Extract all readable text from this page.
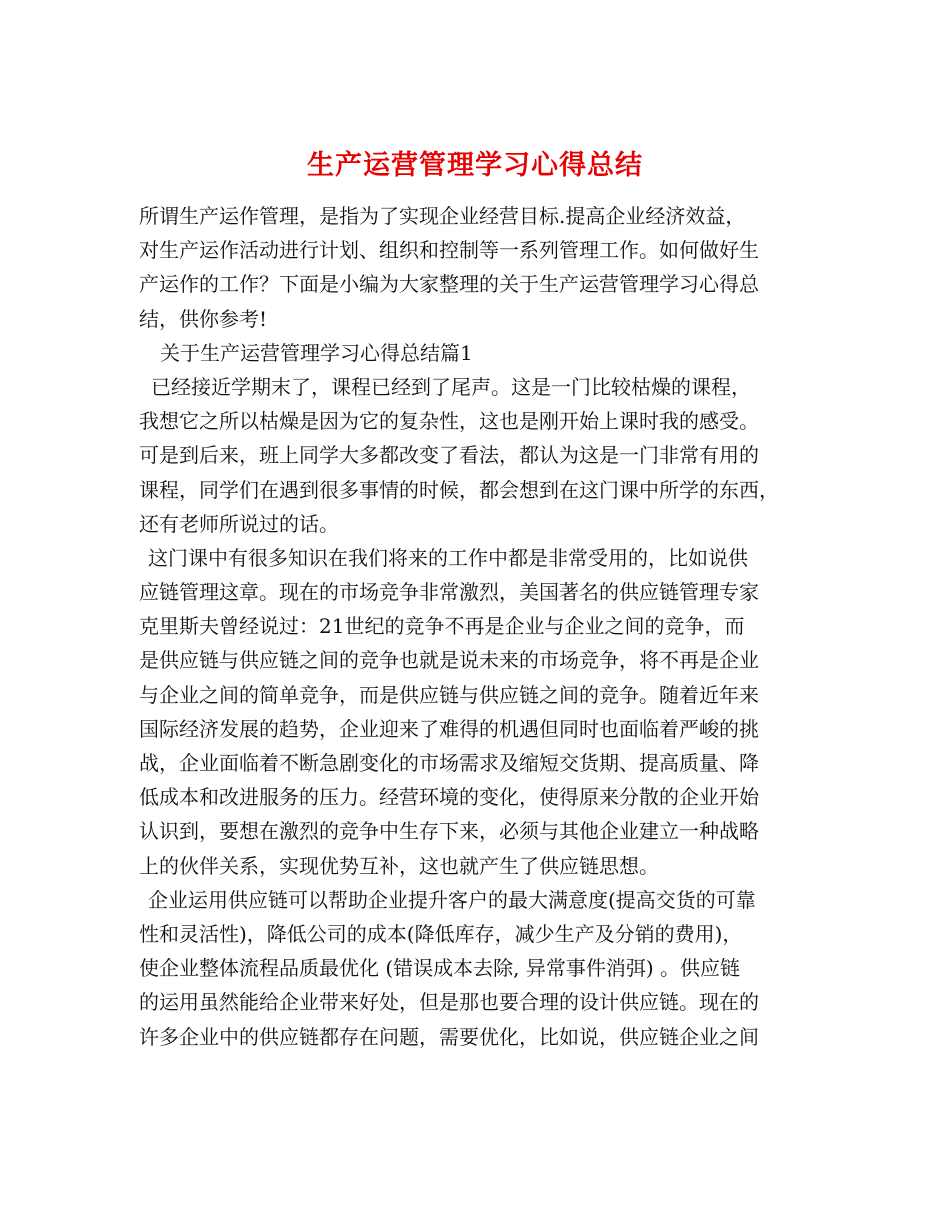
生产运营管理学习心得总结
所谓生产运作管理，是指为了实现企业经营目标.提高企业经济效益，
对生产运作活动进行计划、组织和控制等一系列管理工作。如何做好生
产运作的工作？下面是小编为大家整理的关于生产运营管理学习心得总
结，供你参考!
关于生产运营管理学习心得总结篇1
已经接近学期末了，课程已经到了尾声。这是一门比较枯燥的课程，
我想它之所以枯燥是因为它的复杂性，这也是刚开始上课时我的感受。
可是到后来，班上同学大多都改变了看法，都认为这是一门非常有用的
课程，同学们在遇到很多事情的时候，都会想到在这门课中所学的东西，
还有老师所说过的话。
这门课中有很多知识在我们将来的工作中都是非常受用的，比如说供
应链管理这章。现在的市场竞争非常激烈，美国著名的供应链管理专家
克里斯夫曾经说过：21世纪的竞争不再是企业与企业之间的竞争，而
是供应链与供应链之间的竞争也就是说未来的市场竞争，将不再是企业
与企业之间的简单竞争，而是供应链与供应链之间的竞争。随着近年来
国际经济发展的趋势，企业迎来了难得的机遇但同时也面临着严峻的挑
战，企业面临着不断急剧变化的市场需求及缩短交货期、提高质量、降
低成本和改进服务的压力。经营环境的变化，使得原来分散的企业开始
认识到，要想在激烈的竞争中生存下来，必须与其他企业建立一种战略
上的伙伴关系，实现优势互补，这也就产生了供应链思想。
企业运用供应链可以帮助企业提升客户的最大满意度(提高交货的可靠
性和灵活性)，降低公司的成本(降低库存，减少生产及分销的费用)，
使企业整体流程品质最优化 (错误成本去除, 异常事件消弭) 。供应链
的运用虽然能给企业带来好处，但是那也要合理的设计供应链。现在的
许多企业中的供应链都存在问题，需要优化，比如说，供应链企业之间
